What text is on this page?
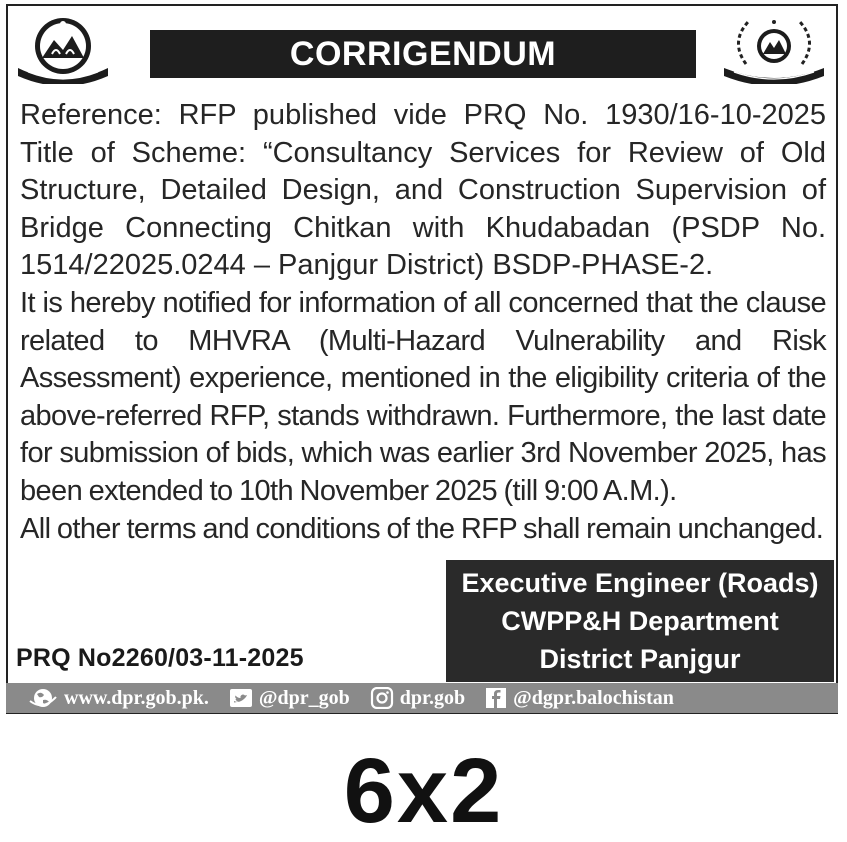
CORRIGENDUM

Reference: RFP published vide PRQ No. 1930/16-10-2025 Title of Scheme: “Consultancy Services for Review of Old Structure, Detailed Design, and Construction Supervision of Bridge Connecting Chitkan with Khudabadan (PSDP No. 1514/22025.0244 – Panjgur District) BSDP-PHASE-2.

It is hereby notified for information of all concerned that the clause related to MHVRA (Multi-Hazard Vulnerability and Risk Assessment) experience, mentioned in the eligibility criteria of the above-referred RFP, stands withdrawn. Furthermore, the last date for submission of bids, which was earlier 3rd November 2025, has been extended to 10th November 2025 (till 9:00 A.M.).

All other terms and conditions of the RFP shall remain unchanged.

Executive Engineer (Roads)
CWPP&H Department
District Panjgur
PRQ No2260/03-11-2025
www.dpr.gob.pk.	@dpr_gob	dpr.gob @dgpr.balochistan
6x2
